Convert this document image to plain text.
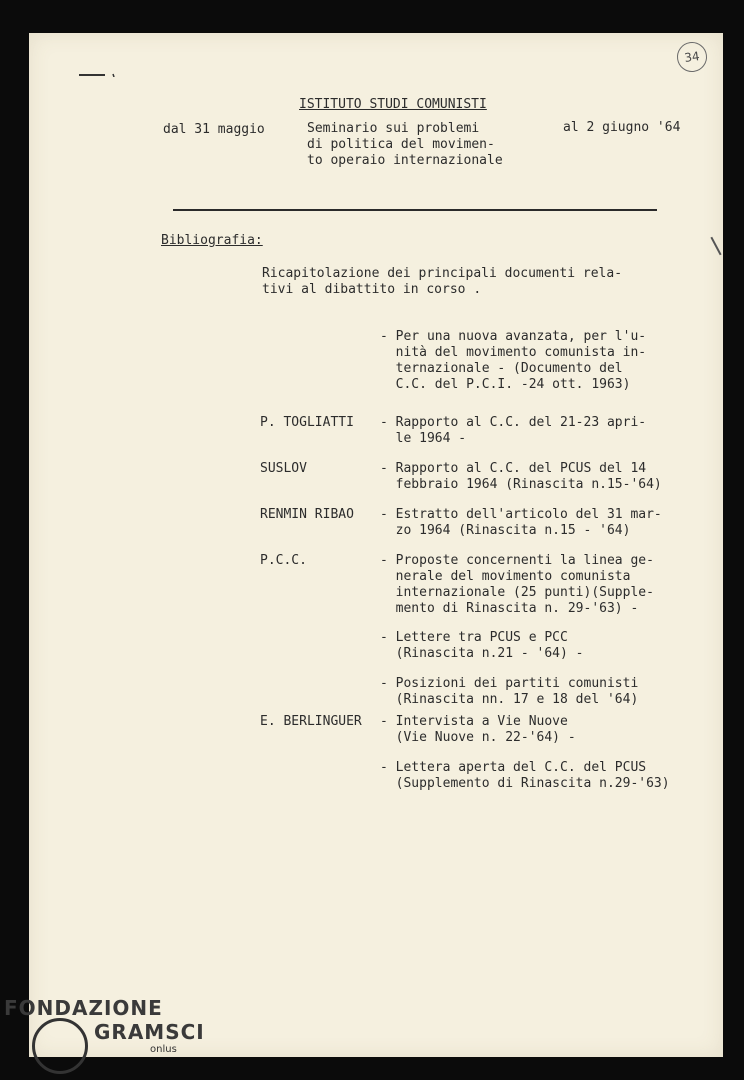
34

ISTITUTO STUDI COMUNISTI

dal 31 maggio	Seminario sui problemi

di politica del movimen-

to operaio internazionale

al 2 giugno '64

Bibliografia:

Ricapitolazione dei principali documenti rela-

tivi al dibattito in corso .

- Per una nuova avanzata, per l'u-

nità del movimento comunista in-

ternazionale - (Documento del

C.C. del P.C.I. -24 ott. 1963)

P. TOGLIATTI - Rapporto al C.C. del 21-23 apri-

le 1964 -

SUSLOV	- Rapporto al C.C. del PCUS del 14

febbraio 1964 (Rinascita n.15-'64)

RENMIN RIBAO - Estratto dell'articolo del 31 mar-

zo 1964 (Rinascita n.15 - '64)

P.C.C.	- Proposte concernenti la linea ge-

nerale del movimento comunista

internazionale (25 punti)(Supple-

mento di Rinascita n. 29-'63) -

- Lettere tra PCUS e PCC

(Rinascita n.21 - '64) -

- Posizioni dei partiti comunisti

(Rinascita nn. 17 e 18 del '64)

E. BERLINGUER - Intervista a Vie Nuove

(Vie Nuove n. 22-'64) -

- Lettera aperta del C.C. del PCUS

(Supplemento di Rinascita n.29-'63)

FONDAZIONE
GRAMSCI
onlus
